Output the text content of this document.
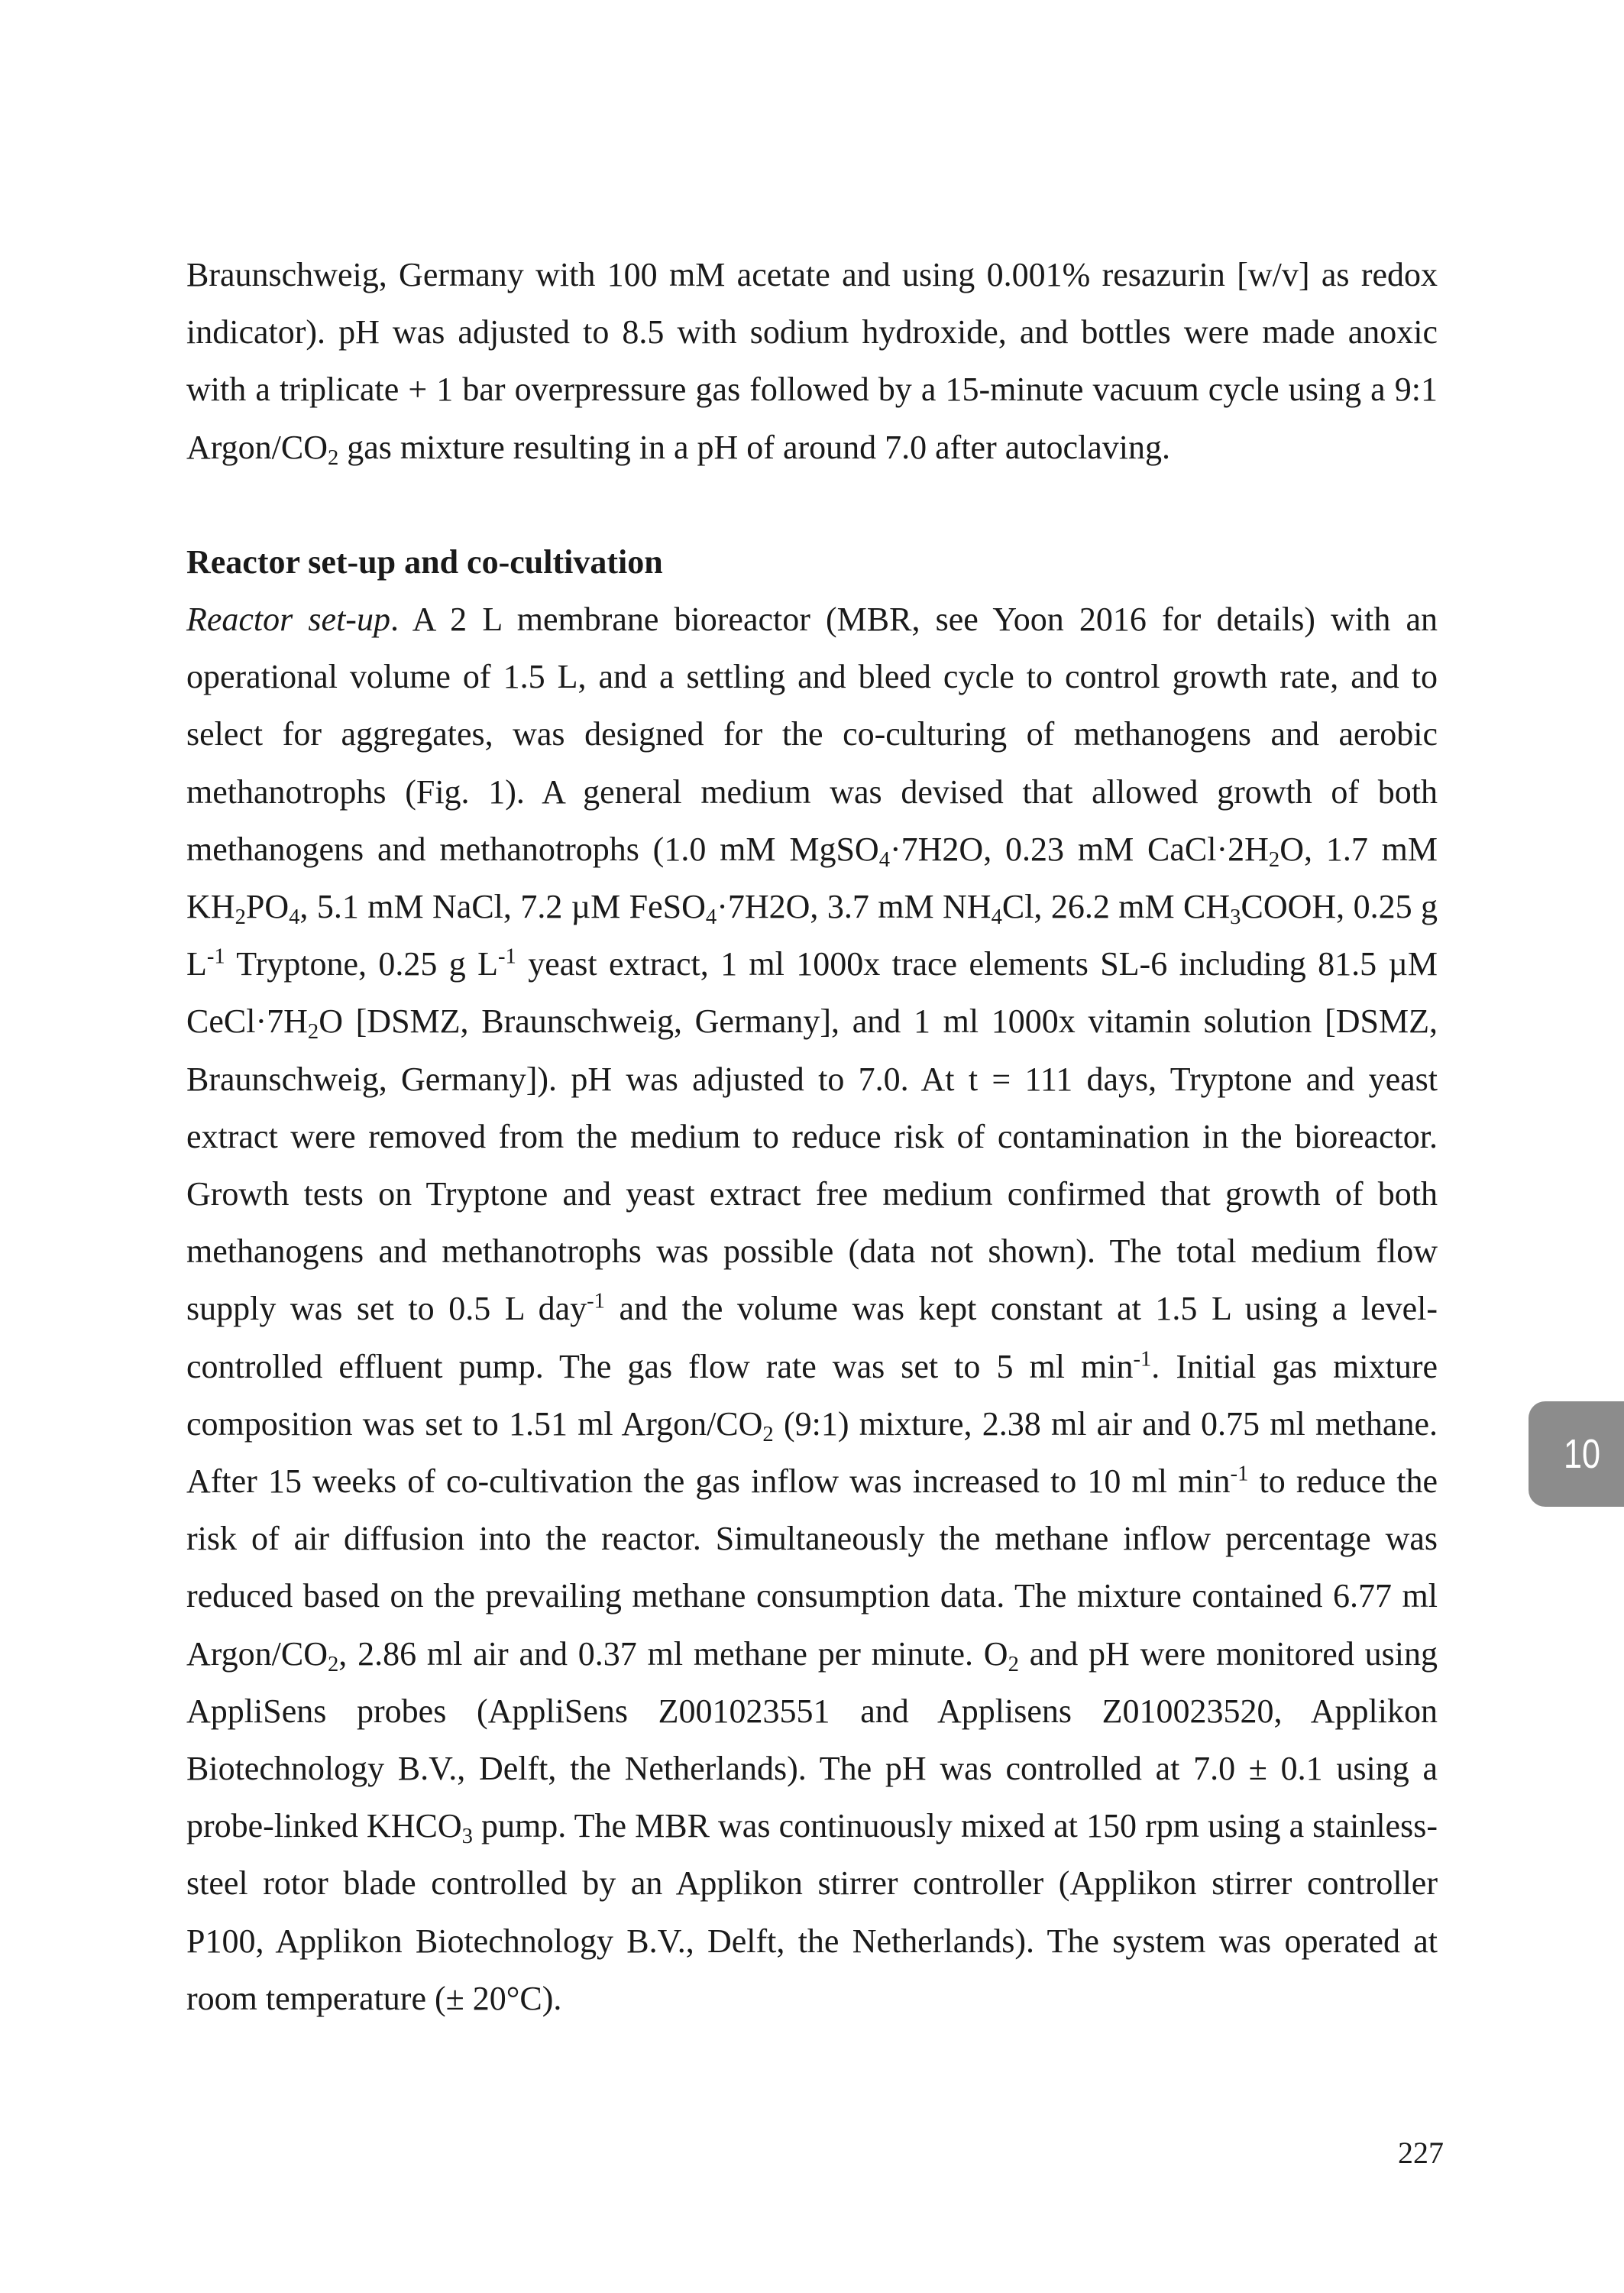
Braunschweig, Germany with 100 mM acetate and using 0.001% resazurin [w/v] as redox indicator). pH was adjusted to 8.5 with sodium hydroxide, and bottles were made anoxic with a triplicate + 1 bar overpressure gas followed by a 15-minute vacuum cycle using a 9:1 Argon/$CO_2$ gas mixture resulting in a pH of around 7.0 after autoclaving.

Reactor set-up and co-cultivation

Reactor set-up. A 2 L membrane bioreactor (MBR, see Yoon 2016 for details) with an operational volume of 1.5 L, and a settling and bleed cycle to control growth rate, and to select for aggregates, was designed for the co-culturing of methanogens and aerobic methanotrophs (Fig. 1). A general medium was devised that allowed growth of both methanogens and methanotrophs (1.0 mM MgSO$_4$·7H2O, 0.23 mM $CaCl\cdot 2H_2O$, 1.7 mM $KH_2PO_4$, 5.1 mM NaCl, 7.2 µM FeSO$_4$·7H2O, 3.7 mM $NH_4Cl$, 26.2 mM $CH_3COOH$, 0.25 g $L^{-1}$ Tryptone, 0.25 g $L^{-1}$ yeast extract, 1 ml 1000x trace elements SL-6 including 81.5 µM $CeCl\cdot 7H_2O$ [DSMZ, Braunschweig, Germany], and 1 ml 1000x vitamin solution [DSMZ, Braunschweig, Germany]). pH was adjusted to 7.0. At t = 111 days, Tryptone and yeast extract were removed from the medium to reduce risk of contamination in the bioreactor. Growth tests on Tryptone and yeast extract free medium confirmed that growth of both methanogens and methanotrophs was possible (data not shown). The total medium flow supply was set to 0.5 L day$^{-1}$ and the volume was kept constant at 1.5 L using a level-controlled effluent pump. The gas flow rate was set to 5 ml $\min^{-1}$. Initial gas mixture composition was set to 1.51 ml Argon/$CO_2$ (9:1) mixture, 2.38 ml air and 0.75 ml methane. After 15 weeks of co-cultivation the gas inflow was increased to 10 ml $\min^{-1}$ to reduce the risk of air diffusion into the reactor. Simultaneously the methane inflow percentage was reduced based on the prevailing methane consumption data. The mixture contained 6.77 ml Argon/$CO_2$, 2.86 ml air and 0.37 ml methane per minute. $O_2$ and pH were monitored using AppliSens probes (AppliSens Z001023551 and Applisens Z010023520, Applikon Biotechnology B.V., Delft, the Netherlands). The pH was controlled at 7.0 ± 0.1 using a probe-linked $KHCO_3$ pump. The MBR was continuously mixed at 150 rpm using a stainless-steel rotor blade controlled by an Applikon stirrer controller (Applikon stirrer controller P100, Applikon Biotechnology B.V., Delft, the Netherlands). The system was operated at room temperature (± 20°C).

10
227
